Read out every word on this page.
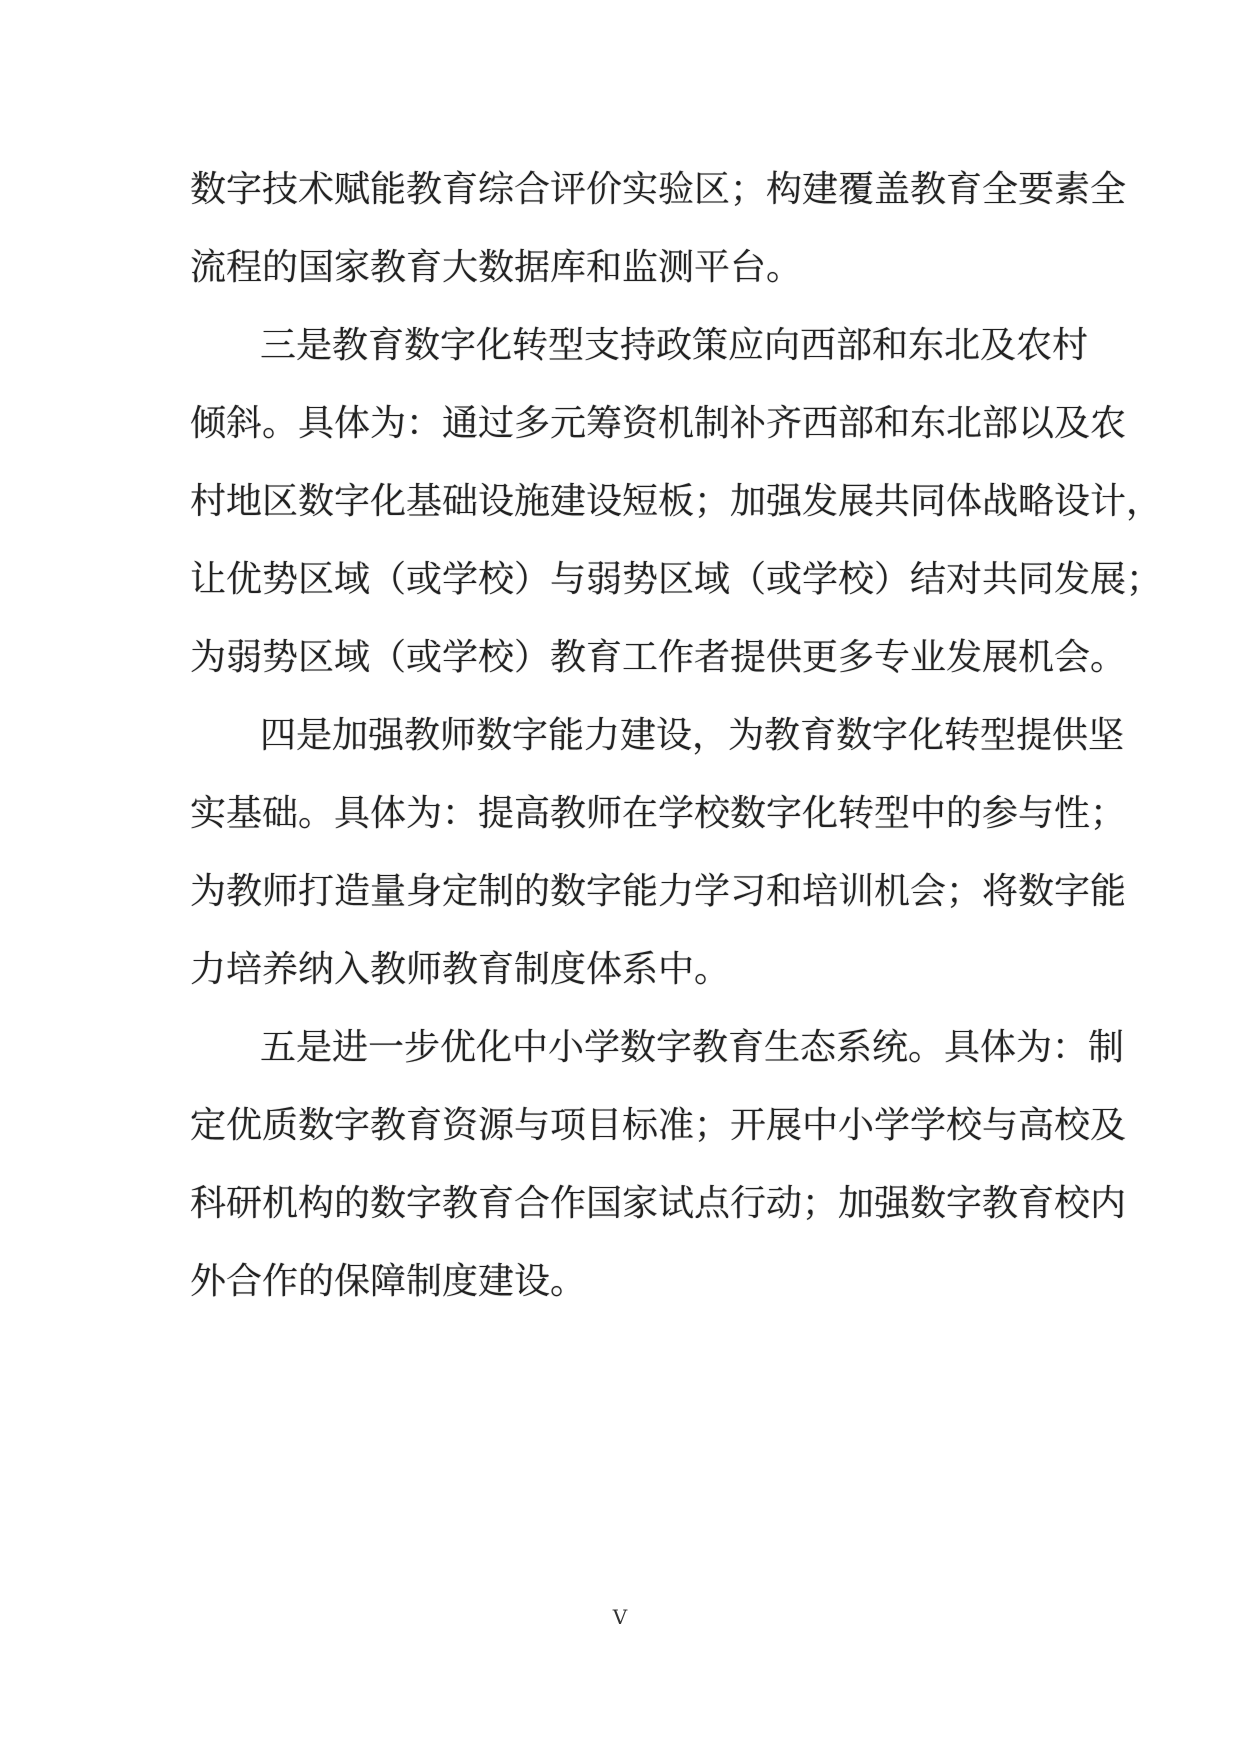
数字技术赋能教育综合评价实验区；构建覆盖教育全要素全

流程的国家教育大数据库和监测平台。

三是教育数字化转型支持政策应向西部和东北及农村

倾斜。具体为：通过多元筹资机制补齐西部和东北部以及农

村地区数字化基础设施建设短板；加强发展共同体战略设计，

让优势区域（或学校）与弱势区域（或学校）结对共同发展；

为弱势区域（或学校）教育工作者提供更多专业发展机会。

四是加强教师数字能力建设，为教育数字化转型提供坚

实基础。具体为：提高教师在学校数字化转型中的参与性；

为教师打造量身定制的数字能力学习和培训机会；将数字能

力培养纳入教师教育制度体系中。

五是进一步优化中小学数字教育生态系统。具体为：制

定优质数字教育资源与项目标准；开展中小学学校与高校及

科研机构的数字教育合作国家试点行动；加强数字教育校内

外合作的保障制度建设。

V
